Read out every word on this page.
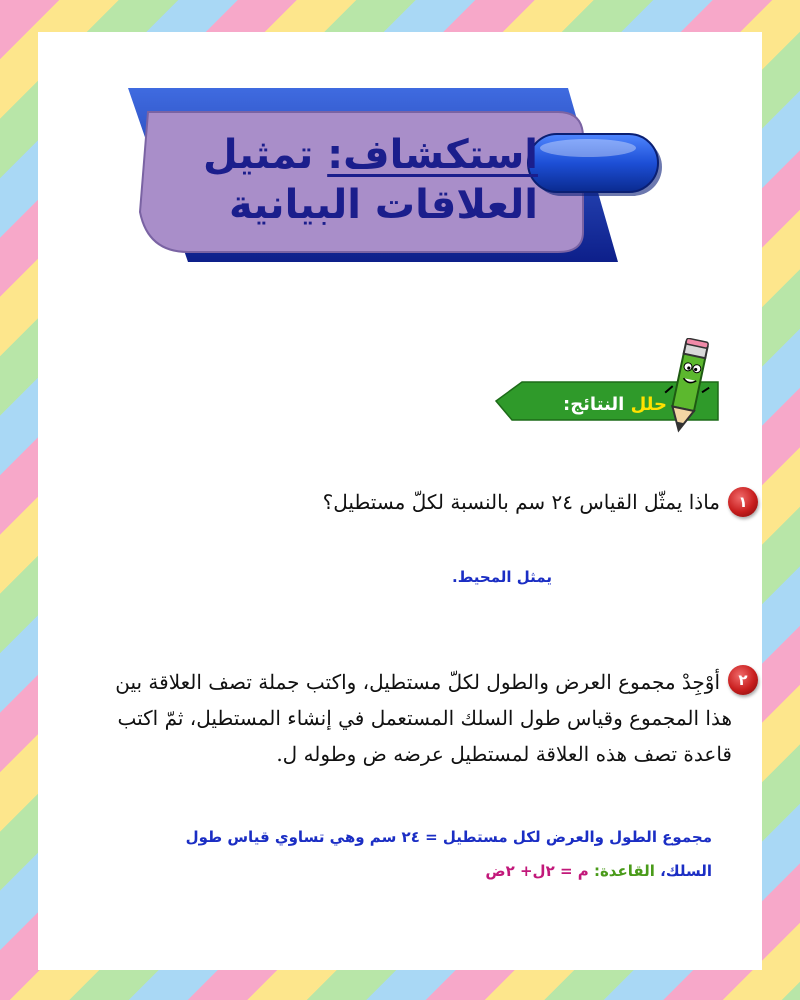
استكشاف: تمثيل
العلاقات البيانية
حلل النتائج:
١
ماذا يمثّل القياس ٢٤ سم بالنسبة لكلّ مستطيل؟
يمثل المحيط.
٢
أوْجِدْ مجموع العرض والطول لكلّ مستطيل، واكتب جملة تصف العلاقة بين
هذا المجموع وقياس طول السلك المستعمل في إنشاء المستطيل، ثمّ اكتب
قاعدة تصف هذه العلاقة لمستطيل عرضه ض وطوله ل.
مجموع الطول والعرض لكل مستطيل = ٢٤ سم وهي تساوي قياس طول
السلك، القاعدة: م = ٢ل+ ٢ض
